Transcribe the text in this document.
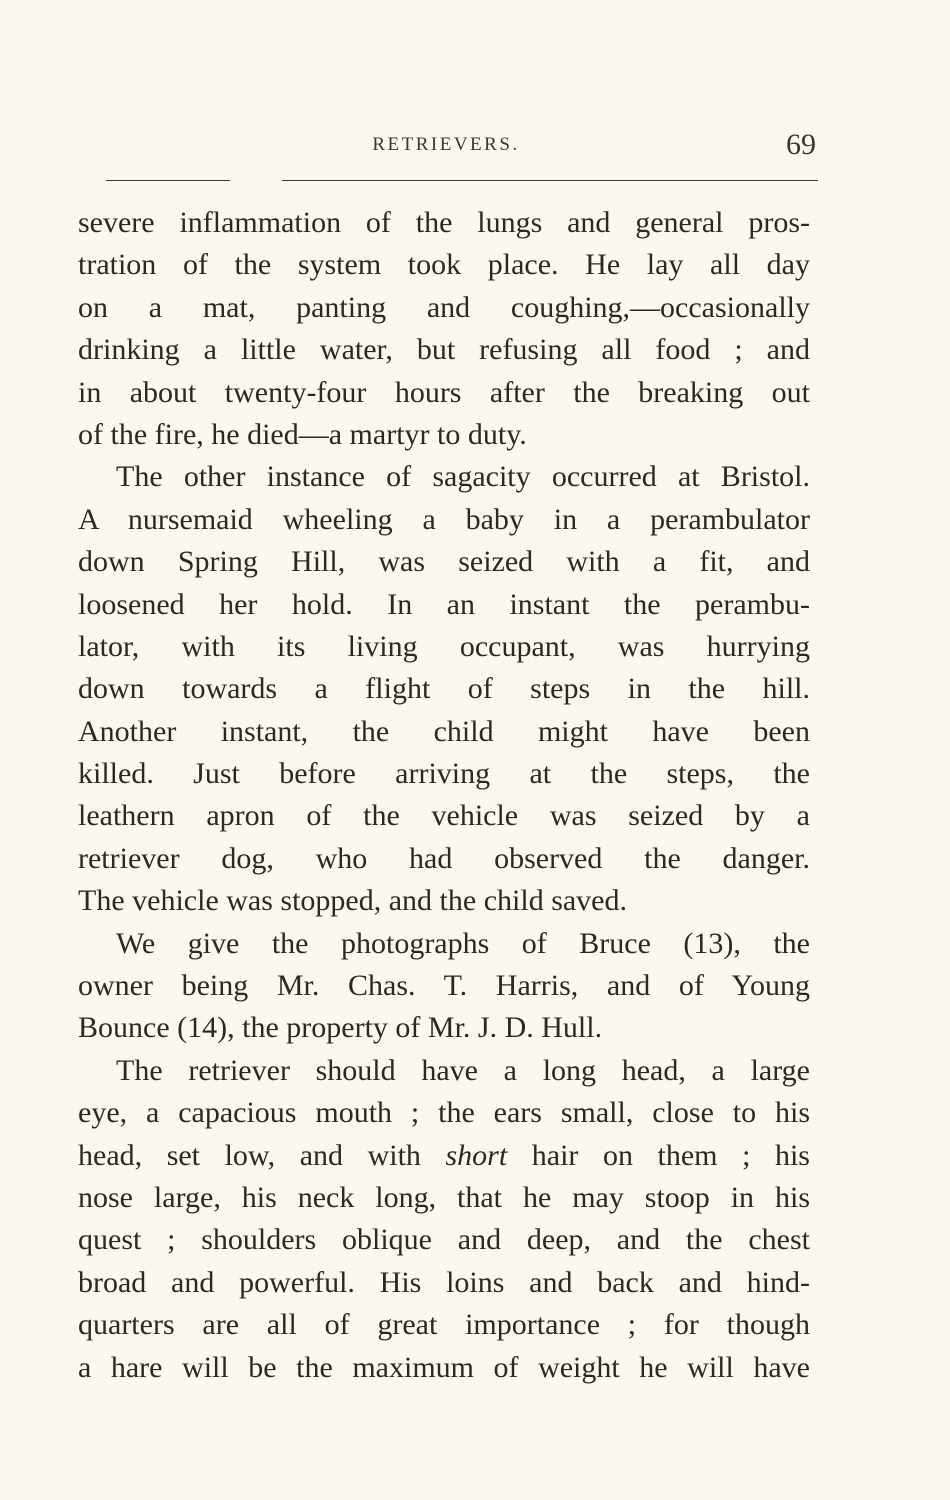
RETRIEVERS.	69
severe inflammation of the lungs and general pros-
tration of the system took place. He lay all day
on a mat, panting and coughing,—occasionally
drinking a little water, but refusing all food ; and
in about twenty-four hours after the breaking out
of the fire, he died—a martyr to duty.
The other instance of sagacity occurred at Bristol.
A nursemaid wheeling a baby in a perambulator
down Spring Hill, was seized with a fit, and
loosened her hold. In an instant the perambu-
lator, with its living occupant, was hurrying
down towards a flight of steps in the hill.
Another instant, the child might have been
killed. Just before arriving at the steps, the
leathern apron of the vehicle was seized by a
retriever dog, who had observed the danger.
The vehicle was stopped, and the child saved.
We give the photographs of Bruce (13), the
owner being Mr. Chas. T. Harris, and of Young
Bounce (14), the property of Mr. J. D. Hull.
The retriever should have a long head, a large
eye, a capacious mouth ; the ears small, close to his
head, set low, and with short hair on them ; his
nose large, his neck long, that he may stoop in his
quest ; shoulders oblique and deep, and the chest
broad and powerful. His loins and back and hind-
quarters are all of great importance ; for though
a hare will be the maximum of weight he will have
